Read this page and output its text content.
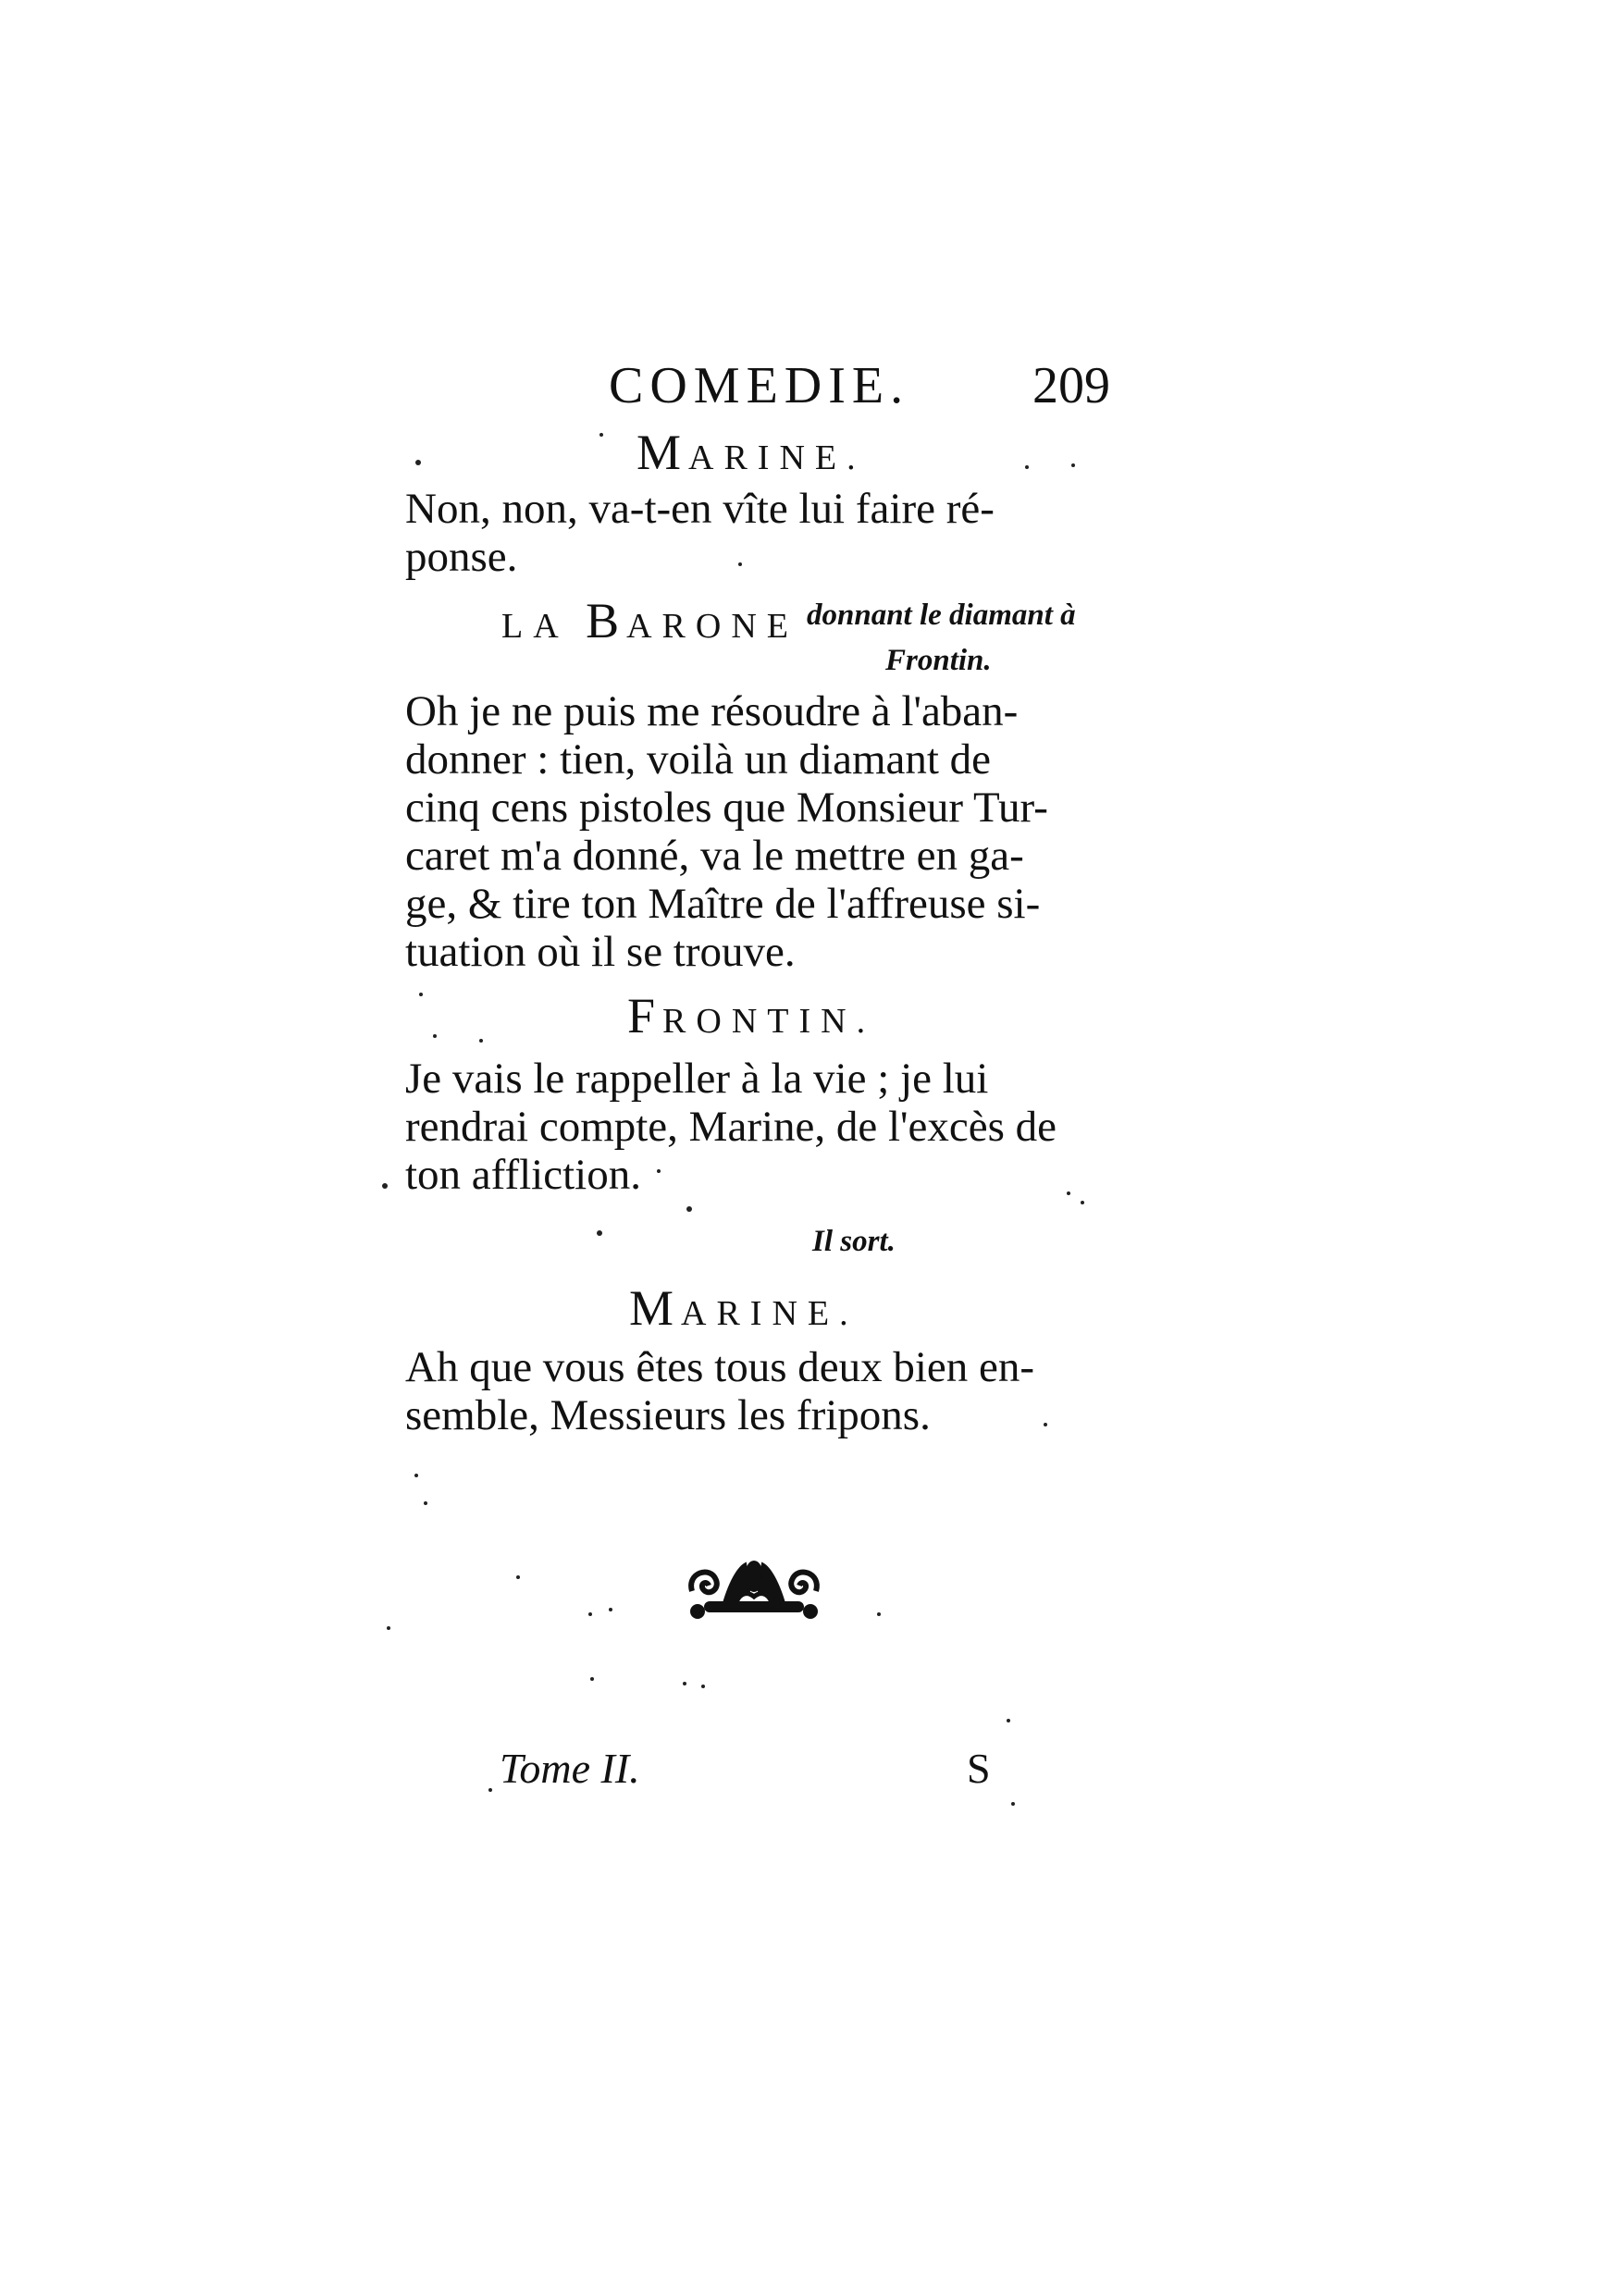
COMEDIE. 209
MARINE.
Non, non, va-t-en vîte lui faire ré-
ponse.
LA BARONE donnant le diamant à
Frontin.
Oh je ne puis me résoudre à l'aban-
donner : tien, voilà un diamant de
cinq cens pistoles que Monsieur Tur-
caret m'a donné, va le mettre en ga-
ge, & tire ton Maître de l'affreuse si-
tuation où il se trouve.
FRONTIN.
Je vais le rappeller à la vie ; je lui
rendrai compte, Marine, de l'excès de
ton affliction.
Il sort.
MARINE.
Ah que vous êtes tous deux bien en-
semble, Messieurs les fripons.
Tome II.	S
